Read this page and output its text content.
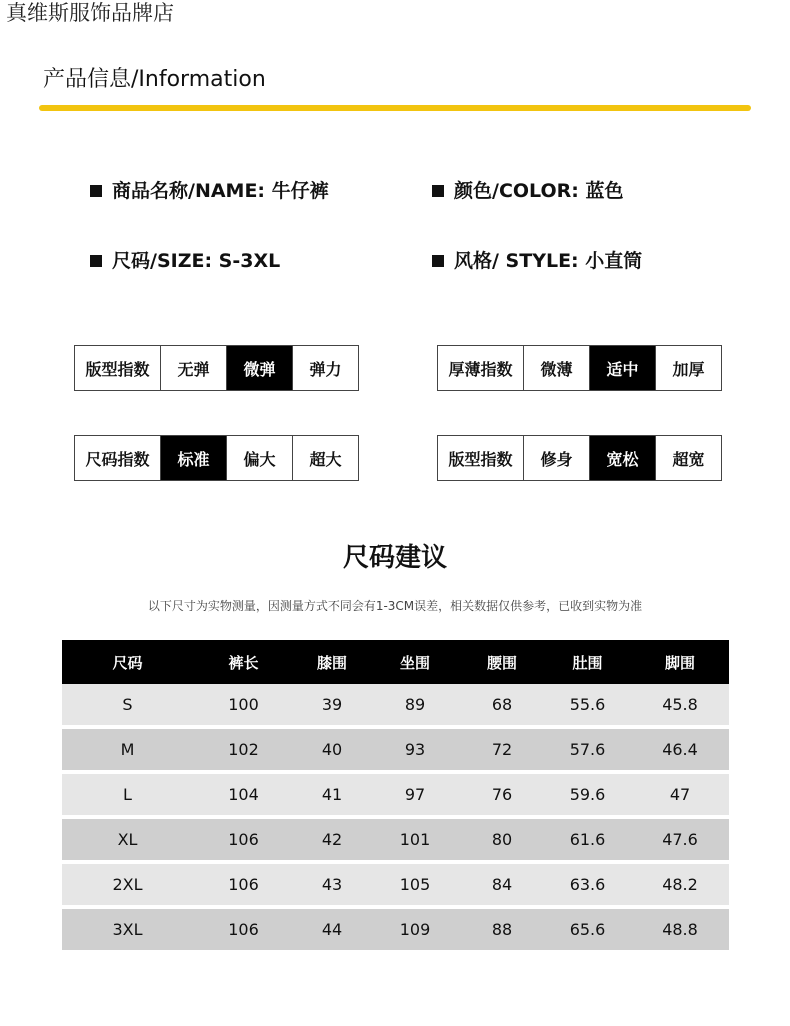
真维斯服饰品牌店
产品信息/Information
商品名称/NAME: 牛仔裤	颜色/COLOR: 蓝色
尺码/SIZE: S-3XL	风格/ STYLE: 小直筒
版型指数	无弹	微弹	弹力	厚薄指数	微薄	适中	加厚
尺码指数	标准	偏大	超大	版型指数	修身	宽松	超宽
尺码建议
以下尺寸为实物测量，因测量方式不同会有1-3CM误差，相关数据仅供参考，已收到实物为准
尺码	裤长	膝围	坐围	腰围	肚围	脚围
S	100	39	89	68	55.6	45.8
M	102	40	93	72	57.6	46.4
L	104	41	97	76	59.6	47
XL	106	42	101	80	61.6	47.6
2XL	106	43	105	84	63.6	48.2
3XL	106	44	109	88	65.6	48.8
